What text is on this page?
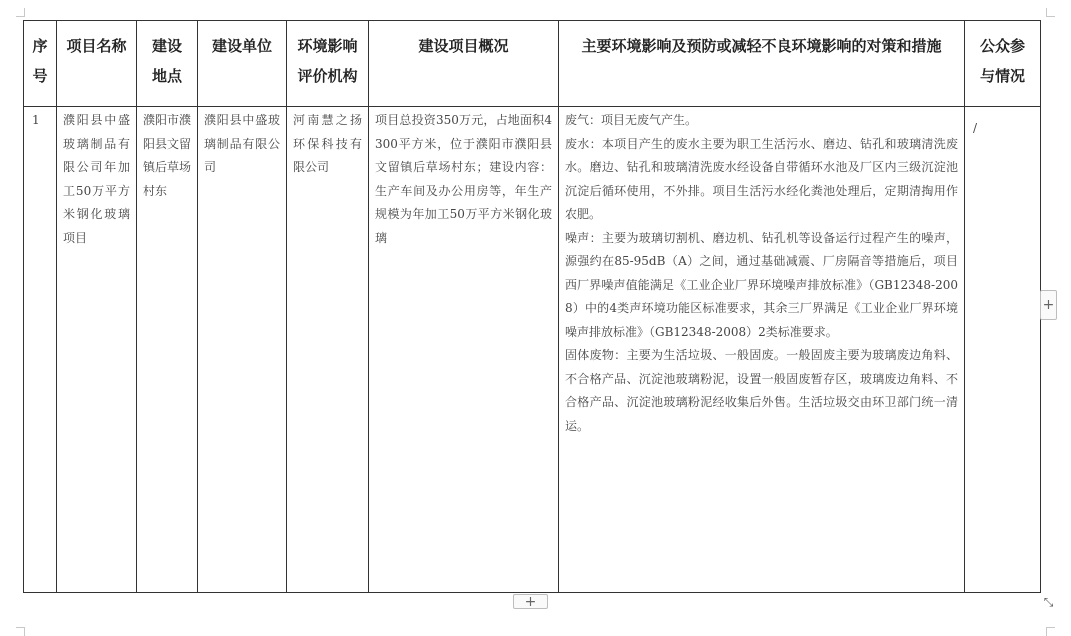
序号	项目名称	建设地点	建设单位	环境影响评价机构	建设项目概况	主要环境影响及预防或减轻不良环境影响的对策和措施	公众参与情况

1	濮阳县中盛玻璃制品有限公司年加工50万平方米钢化玻璃项目	濮阳市濮阳县文留镇后草场村东	濮阳县中盛玻璃制品有限公司	河南慧之扬环保科技有限公司	项目总投资350万元，占地面积4300平方米，位于濮阳市濮阳县文留镇后草场村东；建设内容：生产车间及办公用房等，年生产规模为年加工50万平方米钢化玻璃	废气：项目无废气产生。
废水：本项目产生的废水主要为职工生活污水、磨边、钻孔和玻璃清洗废水。磨边、钻孔和玻璃清洗废水经设备自带循环水池及厂区内三级沉淀池沉淀后循环使用，不外排。项目生活污水经化粪池处理后，定期清掏用作农肥。
噪声：主要为玻璃切割机、磨边机、钻孔机等设备运行过程产生的噪声，源强约在85-95dB（A）之间，通过基础减震、厂房隔音等措施后，项目西厂界噪声值能满足《工业企业厂界环境噪声排放标准》（GB12348-2008）中的4类声环境功能区标准要求，其余三厂界满足《工业企业厂界环境噪声排放标准》（GB12348-2008）2类标准要求。
固体废物：主要为生活垃圾、一般固废。一般固废主要为玻璃废边角料、不合格产品、沉淀池玻璃粉泥，设置一般固废暂存区，玻璃废边角料、不合格产品、沉淀池玻璃粉泥经收集后外售。生活垃圾交由环卫部门统一清运。	/
+
+	⤡
